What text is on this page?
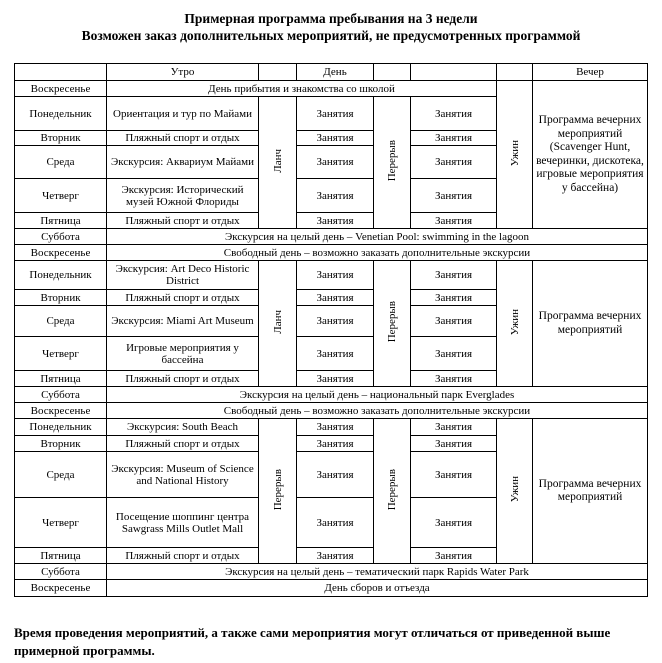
Примерная программа пребывания на 3 недели
Возможен заказ дополнительных мероприятий, не предусмотренных программой
	Утро		День				Вечер
Воскресенье	День прибытия и знакомства со школой					Ужин	Программа вечерних мероприятий (Scavenger Hunt, вечеринки, дискотека, игровые мероприятия у бассейна)
Понедельник	Ориентация и тур по Майами	Ланч	Занятия	Перерыв	Занятия		
Вторник	Пляжный спорт и отдых		Занятия		Занятия		
Среда	Экскурсия: Аквариум Майами		Занятия		Занятия		
Четверг	Экскурсия: Исторический музей Южной Флориды		Занятия		Занятия		
Пятница	Пляжный спорт и отдых		Занятия		Занятия		
Суббота	Экскурсия на целый день – Venetian Pool: swimming in the lagoon						
Воскресенье	Свободный день – возможно заказать дополнительные экскурсии						
Понедельник	Экскурсия: Art Deco Historic District	Ланч	Занятия	Перерыв	Занятия	Ужин	Программа вечерних мероприятий
Вторник	Пляжный спорт и отдых		Занятия		Занятия		
Среда	Экскурсия: Miami Art Museum		Занятия		Занятия		
Четверг	Игровые мероприятия у бассейна		Занятия		Занятия		
Пятница	Пляжный спорт и отдых		Занятия		Занятия		
Суббота	Экскурсия на целый день – национальный парк Everglades						
Воскресенье	Свободный день – возможно заказать дополнительные экскурсии						
Понедельник	Экскурсия: South Beach	Перерыв	Занятия	Перерыв	Занятия	Ужин	Программа вечерних мероприятий
Вторник	Пляжный спорт и отдых		Занятия		Занятия		
Среда	Экскурсия: Museum of Science and National History		Занятия		Занятия		
Четверг	Посещение шоппинг центра Sawgrass Mills Outlet Mall		Занятия		Занятия		
Пятница	Пляжный спорт и отдых		Занятия		Занятия		
Суббота	Экскурсия на целый день – тематический парк Rapids Water Park						
Воскресенье	День сборов и отъезда						
Время проведения мероприятий, а также сами мероприятия могут отличаться от приведенной выше примерной программы.
